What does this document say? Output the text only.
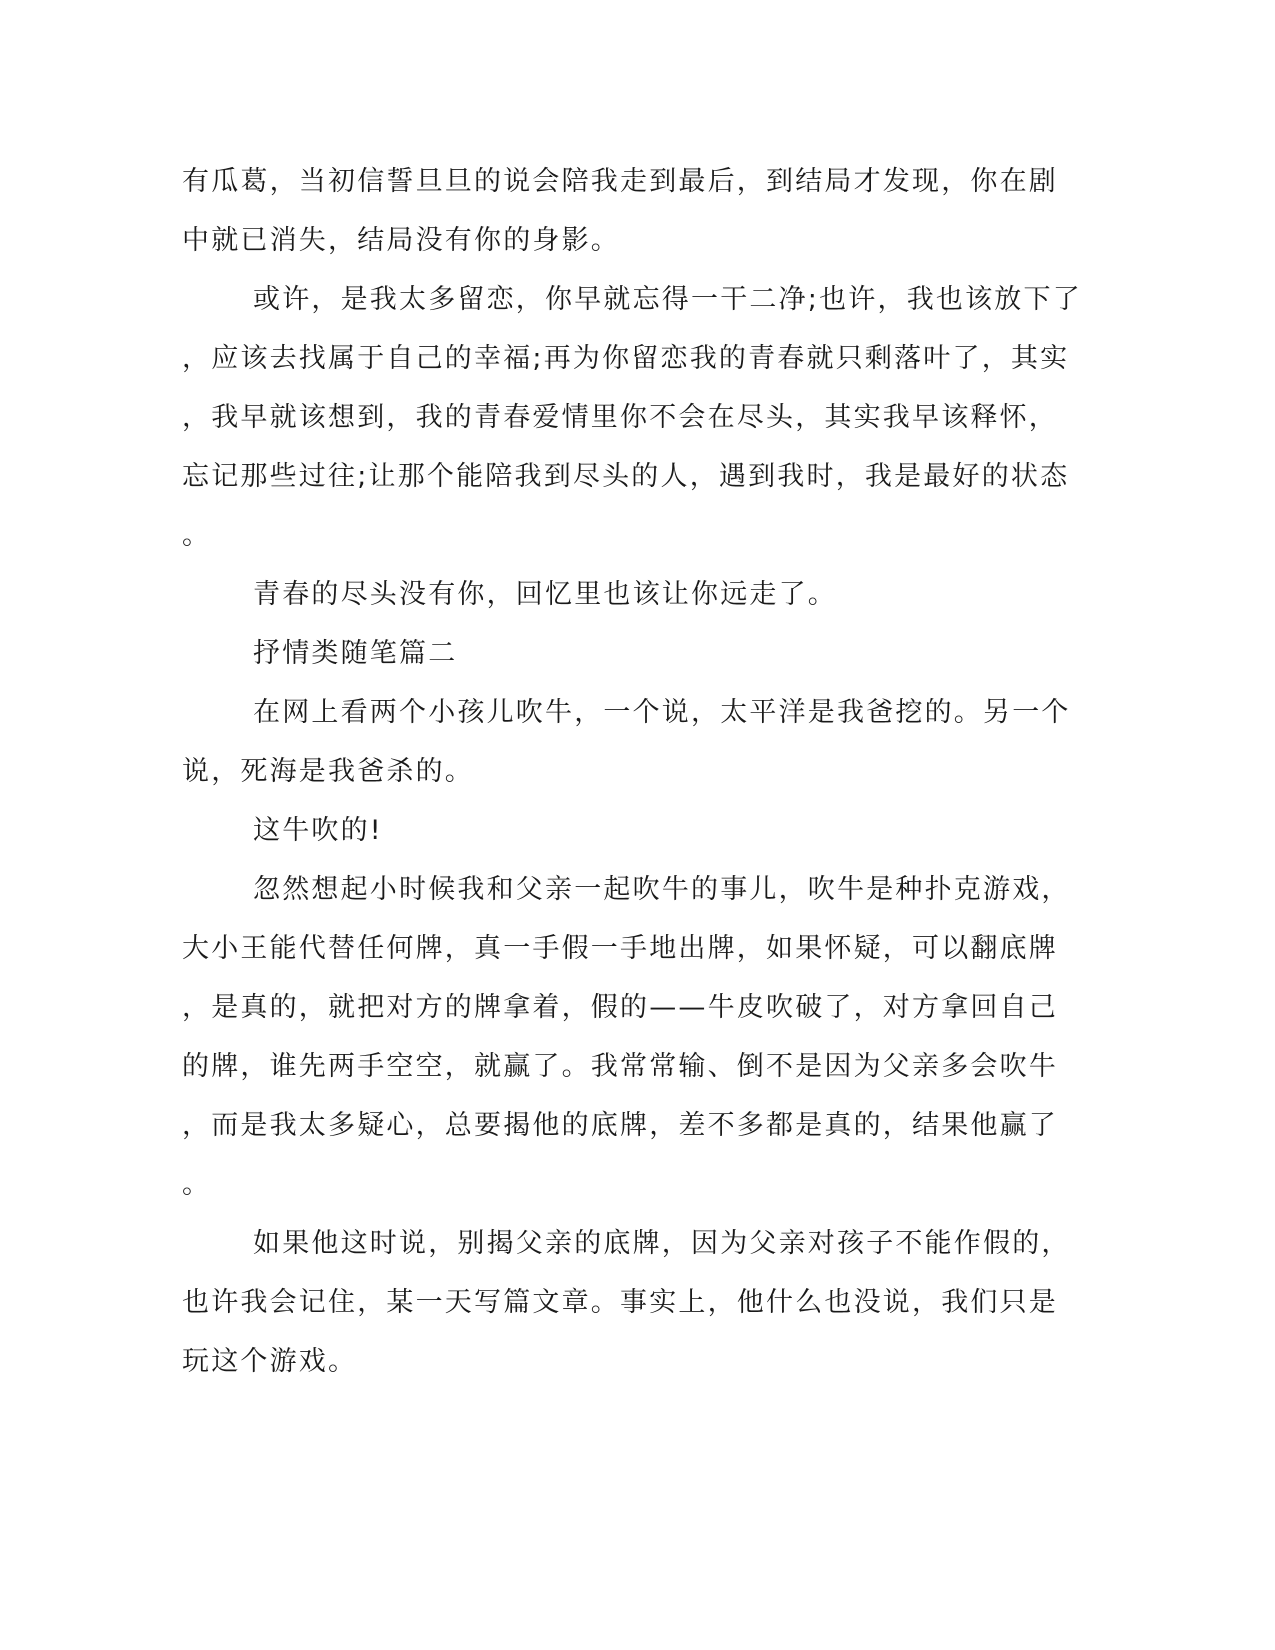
有瓜葛，当初信誓旦旦的说会陪我走到最后，到结局才发现，你在剧
中就已消失，结局没有你的身影。
或许，是我太多留恋，你早就忘得一干二净;也许，我也该放下了
，应该去找属于自己的幸福;再为你留恋我的青春就只剩落叶了，其实
，我早就该想到，我的青春爱情里你不会在尽头，其实我早该释怀，
忘记那些过往;让那个能陪我到尽头的人，遇到我时，我是最好的状态
。
青春的尽头没有你，回忆里也该让你远走了。
抒情类随笔篇二
在网上看两个小孩儿吹牛，一个说，太平洋是我爸挖的。另一个
说，死海是我爸杀的。
这牛吹的!
忽然想起小时候我和父亲一起吹牛的事儿，吹牛是种扑克游戏，
大小王能代替任何牌，真一手假一手地出牌，如果怀疑，可以翻底牌
，是真的，就把对方的牌拿着，假的——牛皮吹破了，对方拿回自己
的牌，谁先两手空空，就赢了。我常常输、倒不是因为父亲多会吹牛
，而是我太多疑心，总要揭他的底牌，差不多都是真的，结果他赢了
。
如果他这时说，别揭父亲的底牌，因为父亲对孩子不能作假的，
也许我会记住，某一天写篇文章。事实上，他什么也没说，我们只是
玩这个游戏。
